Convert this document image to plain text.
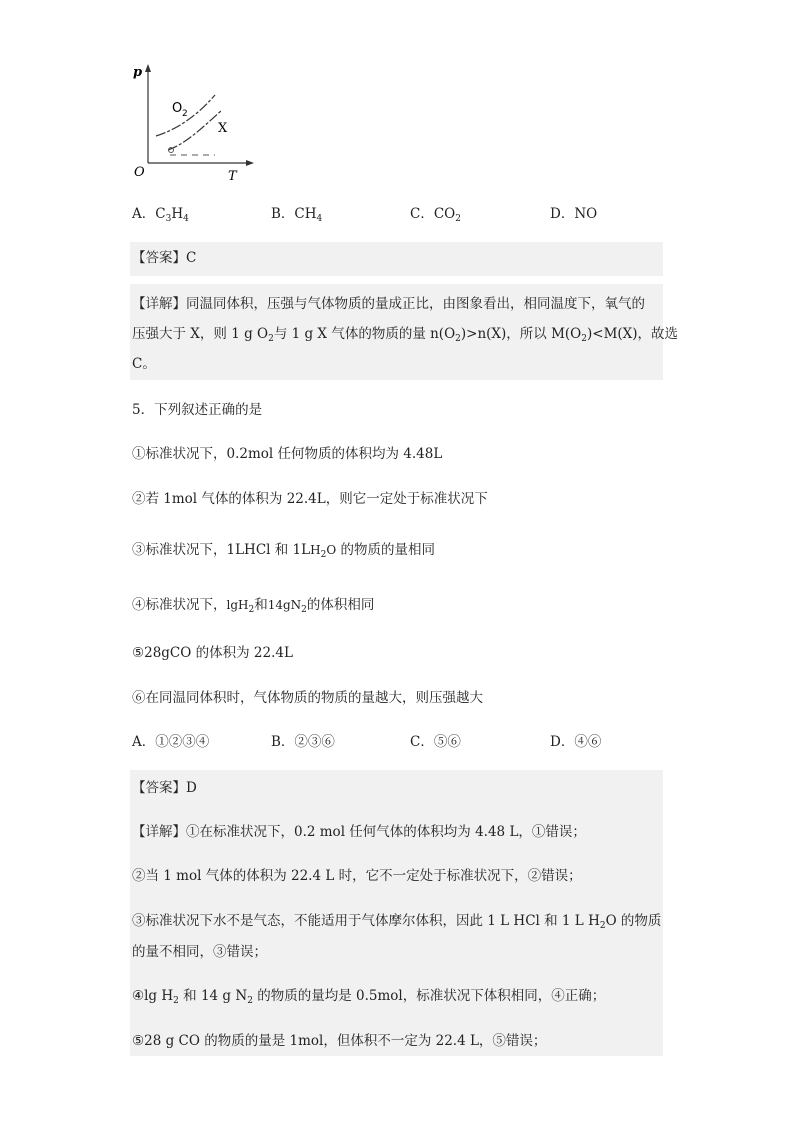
p
T
O
O 2
X
A．$C_3H_4$	B．$CH_4$	C．$CO_2$	D．NO
【答案】C
【详解】同温同体积，压强与气体物质的量成正比，由图象看出，相同温度下，氧气的
压强大于 X，则 1 g $O_2$与 1 g X 气体的物质的量 $n(O_2)>n(X)$，所以 $M(O_2)<M(X)$，故选
C。
5．下列叙述正确的是
①标准状况下，0.2mol 任何物质的体积均为 4.48L
②若 1mol 气体的体积为 22.4L，则它一定处于标准状况下
③标准状况下，1LHCl 和 $1LH_2O$ 的物质的量相同
④标准状况下，lgH$_2$和$14gN_2$的体积相同
⑤28gCO 的体积为 22.4L
⑥在同温同体积时，气体物质的物质的量越大，则压强越大
A．①②③④	B．②③⑥	C．⑤⑥	D．④⑥
【答案】D
【详解】①在标准状况下，0.2 mol 任何气体的体积均为 4.48 L，①错误；
②当 1 mol 气体的体积为 22.4 L 时，它不一定处于标准状况下，②错误；
③标准状况下水不是气态，不能适用于气体摩尔体积，因此 1 L HCl 和 1 L $H_2O$ 的物质
的量不相同，③错误；
④lg $H_2$ 和 14 g $N_2$ 的物质的量均是 0.5mol，标准状况下体积相同，④正确；
⑤28 g CO 的物质的量是 1mol，但体积不一定为 22.4 L，⑤错误；
